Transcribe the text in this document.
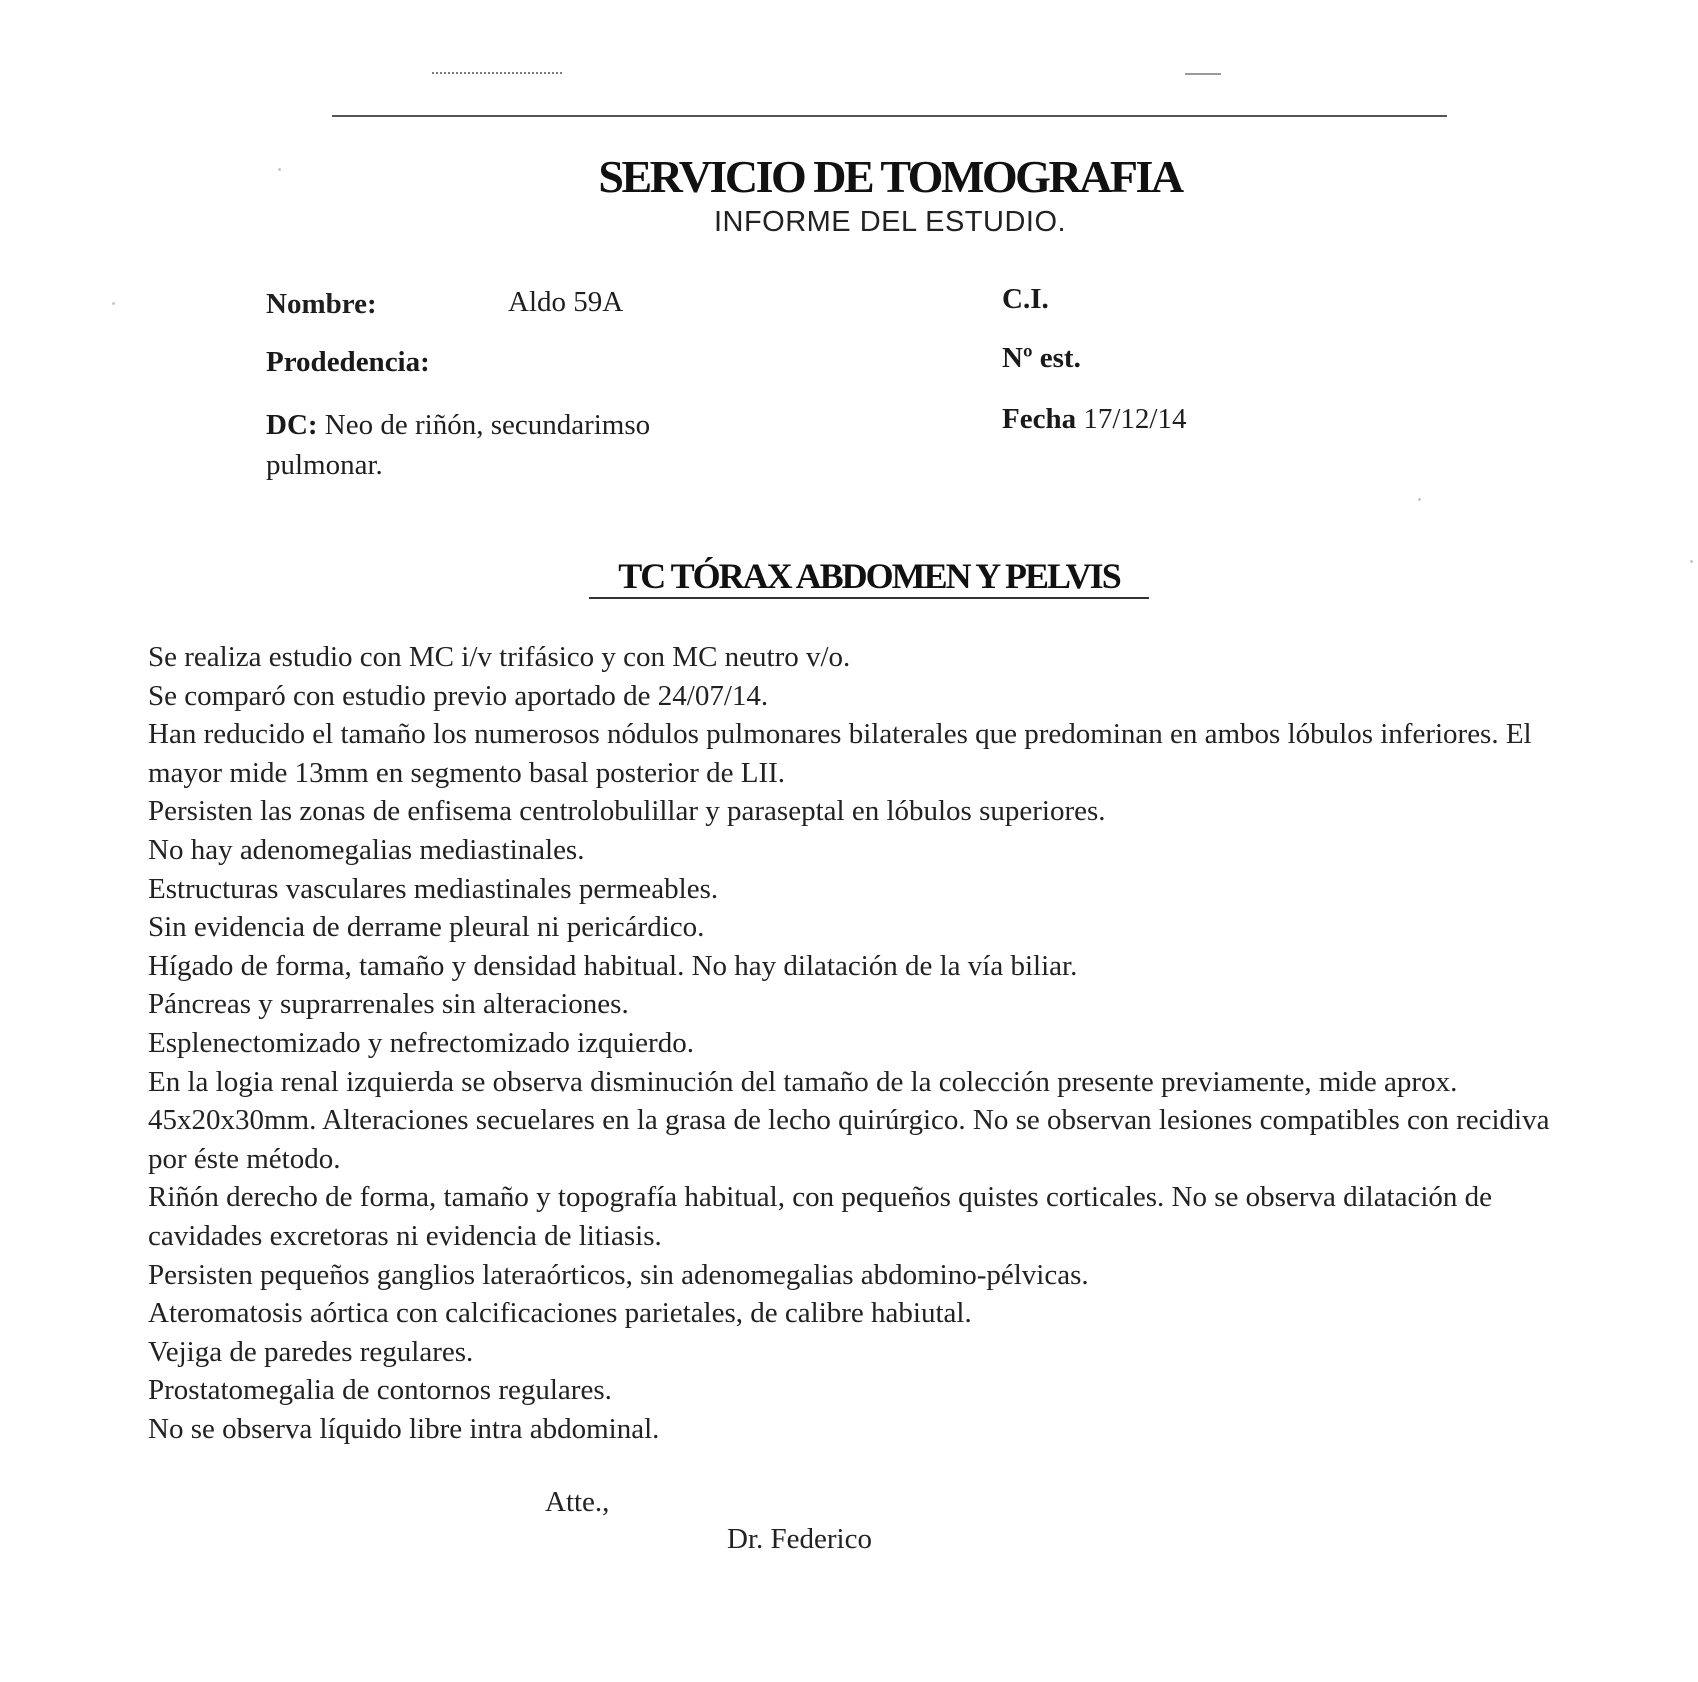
SERVICIO DE TOMOGRAFIA
INFORME DEL ESTUDIO.
Nombre:	Aldo 59A
Prodedencia:
DC: Neo de riñón, secundarimso pulmonar.
C.I.
Nº est.
Fecha 17/12/14
TC TÓRAX ABDOMEN Y PELVIS
Se realiza estudio con MC i/v trifásico y con MC neutro v/o.
Se comparó con estudio previo aportado de 24/07/14.
Han reducido el tamaño los numerosos nódulos pulmonares bilaterales que predominan en ambos lóbulos inferiores. El mayor mide 13mm en segmento basal posterior de LII.
Persisten las zonas de enfisema centrolobulillar y paraseptal en lóbulos superiores.
No hay adenomegalias mediastinales.
Estructuras vasculares mediastinales permeables.
Sin evidencia de derrame pleural ni pericárdico.
Hígado de forma, tamaño y densidad habitual. No hay dilatación de la vía biliar.
Páncreas y suprarrenales sin alteraciones.
Esplenectomizado y nefrectomizado izquierdo.
En la logia renal izquierda se observa disminución del tamaño de la colección presente previamente, mide aprox. 45x20x30mm. Alteraciones secuelares en la grasa de lecho quirúrgico. No se observan lesiones compatibles con recidiva por éste método.
Riñón derecho de forma, tamaño y topografía habitual, con pequeños quistes corticales. No se observa dilatación de cavidades excretoras ni evidencia de litiasis.
Persisten pequeños ganglios lateraórticos, sin adenomegalias abdomino-pélvicas.
Ateromatosis aórtica con calcificaciones parietales, de calibre habiutal.
Vejiga de paredes regulares.
Prostatomegalia de contornos regulares.
No se observa líquido libre intra abdominal.
Atte.,
Dr. Federico
